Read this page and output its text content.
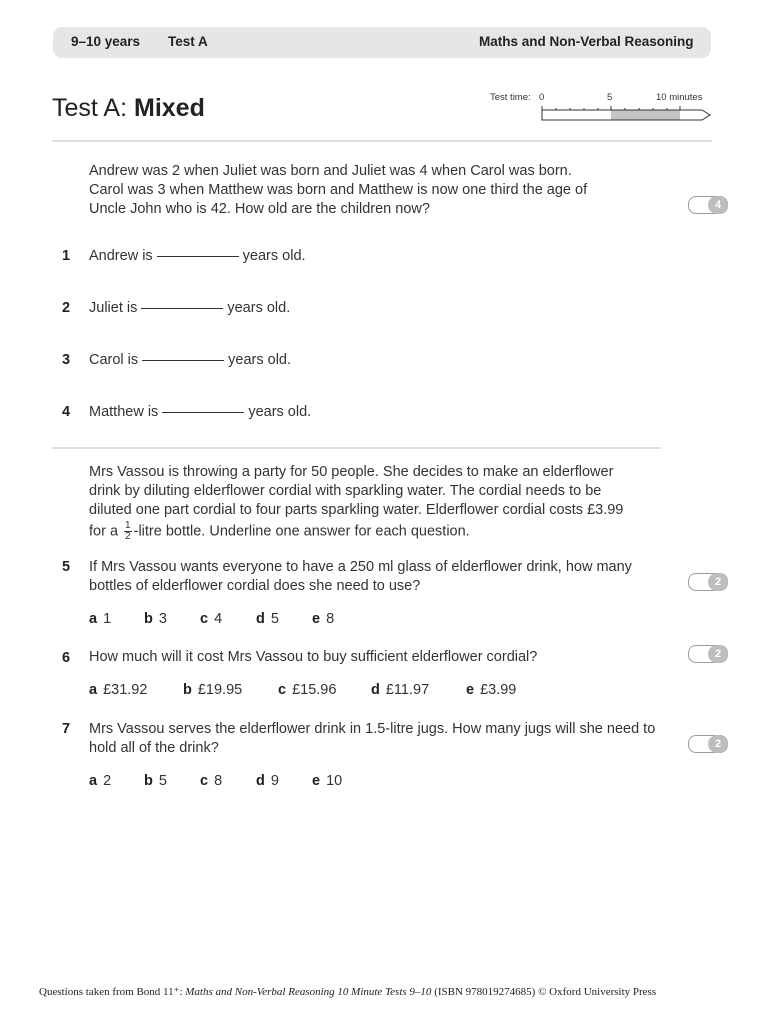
9–10 years Test A	Maths and Non-Verbal Reasoning
Test A: Mixed	Test time: 0	5	10 minutes
Andrew was 2 when Juliet was born and Juliet was 4 when Carol was born. Carol was 3 when Matthew was born and Matthew is now one third the age of Uncle John who is 42. How old are the children now?	4
1 Andrew is	years old.
2 Juliet is	years old.
3 Carol is	years old.
4 Matthew is	years old.
Mrs Vassou is throwing a party for 50 people. She decides to make an elderflower
drink by diluting elderflower cordial with sparkling water. The cordial needs to be
diluted one part cordial to four parts sparkling water. Elderflower cordial costs £3.99
for a $\frac{1}{2}$ -litre bottle. Underline one answer for each question.
5 If Mrs Vassou wants everyone to have a 250 ml glass of elderflower drink, how many bottles of elderflower cordial does she need to use?	2
a 1 b 3 c 4 d 5 e 8
6 How much will it cost Mrs Vassou to buy sufficient elderflower cordial?	2
a £31.92 b £19.95 c £15.96 d £11.97	e £3.99
7 Mrs Vassou serves the elderflower drink in 1.5-litre jugs. How many jugs will she need to hold all of the drink?	2
a 2 b 5 c 8 d 9 e 10
Questions taken from Bond 11⁺: Maths and Non-Verbal Reasoning 10 Minute Tests 9–10 (ISBN 978019274685) © Oxford University Press
